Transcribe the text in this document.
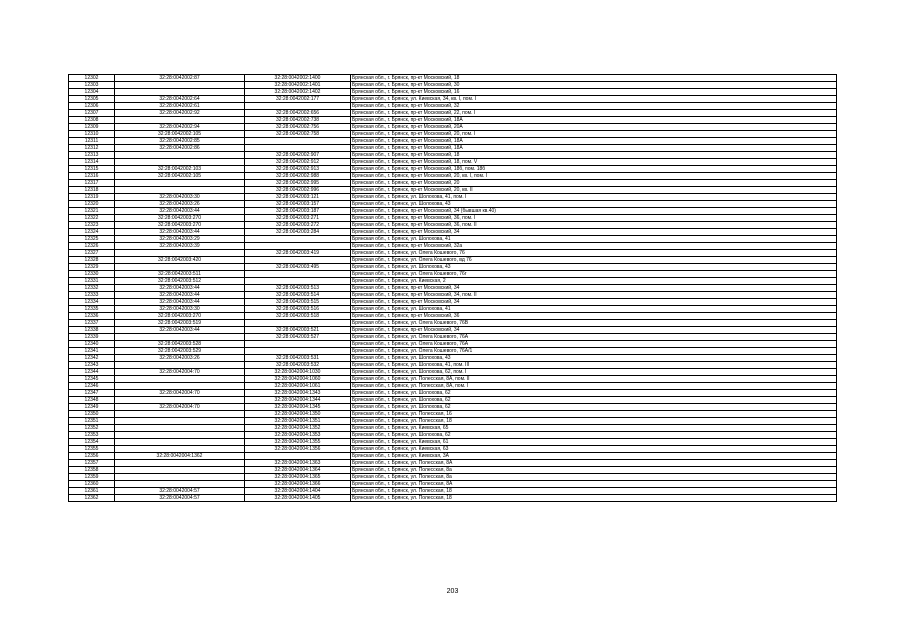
12302	32:28:0042002:87	32:28:0042002:1400	Брянская обл., г. Брянск, пр-кт Московский, 18
12303		32:28:0042002:1401	Брянская обл., г. Брянск, пр-кт Московский, 30
12304		32:28:0042002:1402	Брянская обл., г. Брянск, пр-кт Московский, 16
12305	32:28:0042002:64	32:28:0042002:177	Брянская обл., г. Брянск, ул. Киевская, 34, кв. I, пом. I
12306	32:28:0042002:61		Брянская обл., г. Брянск, пр-кт Московский, 32
12307	32:28:0042002:92	32:28:0042002:656	Брянская обл., г. Брянск, пр-кт Московский, 22, пом. I
12308		32:28:0042002:738	Брянская обл., г. Брянск, пр-кт Московский, 18А
12309	32:28:0042002:94	32:28:0042002:756	Брянская обл., г. Брянск, пр-кт Московский, 20А
12310	32:28:0042002:105	32:28:0042002:758	Брянская обл., г. Брянск, пр-кт Московский, 20, пом. I
12311	32:28:0042002:85		Брянская обл., г. Брянск, пр-кт Московский, 18А
12312	32:28:0042002:86		Брянская обл., г. Брянск, пр-кт Московский, 18А
12313		32:28:0042002:907	Брянская обл., г. Брянск, пр-кт Московский, 18
12314		32:28:0042002:912	Брянская обл., г. Брянск, пр-кт Московский, 18, пом. V
12315	32:28:0042002:103	32:28:0042002:913	Брянская обл., г. Брянск, пр-кт Московский, 18б, пом. 18б
12316	32:28:0042002:105	32:28:0042002:988	Брянская обл., г. Брянск, пр-кт Московский, 20, кв. I, пом. I
12317		32:28:0042002:995	Брянская обл., г. Брянск, пр-кт Московский, 20
12318		32:28:0042002:996	Брянская обл., г. Брянск, пр-кт Московский, 20, кв. II
12319	32:28:0042003:30	32:28:0042003:121	Брянская обл., г. Брянск, ул. Шолохова, 41, пом. I
12320	32:28:0042003:26	32:28:0042003:157	Брянская обл., г. Брянск, ул. Шолохова, 43
12321	32:28:0042003:44	32:28:0042003:187	Брянская обл., г. Брянск, пр-кт Московский, 34 (бывшая кв.40)
12322	32:28:0042003:270	32:28:0042003:271	Брянская обл., г. Брянск, пр-кт Московский, 36, пом. I
12323	32:28:0042003:270	32:28:0042003:272	Брянская обл., г. Брянск, пр-кт Московский, 36, пом. II
12324	32:28:0042003:44	32:28:0042003:284	Брянская обл., г. Брянск, пр-кт Московский, 34
12325	32:28:0042003:29		Брянская обл., г. Брянск, ул. Шолохова, 41
12326	32:28:0042003:39		Брянская обл., г. Брянск, пр-кт Московский, 32а
12327		32:28:0042003:419	Брянская обл., г. Брянск, ул. Олега Кошевого, 76
12328	32:28:0042003:420		Брянская обл., г. Брянск, ул. Олега Кошевого, вд 76
12329		32:28:0042003:495	Брянская обл., г. Брянск, ул. Шолохова, 43
12330	32:28:0042003:511		Брянская обл., г. Брянск, ул. Олега Кошевого, 76г
12331	32:28:0042003:512		Брянская обл., г. Брянск, ул. Киевская, 2
12332	32:28:0042003:44	32:28:0042003:513	Брянская обл., г. Брянск, пр-кт Московский, 34
12333	32:28:0042003:44	32:28:0042003:514	Брянская обл., г. Брянск, пр-кт Московский, 34, пом. II
12334	32:28:0042003:44	32:28:0042003:515	Брянская обл., г. Брянск, пр-кт Московский, 34
12335	32:28:0042003:30	32:28:0042003:516	Брянская обл., г. Брянск, ул. Шолохова, 41
12336	32:28:0042003:270	32:28:0042003:518	Брянская обл., г. Брянск, пр-кт Московский, 36
12337	32:28:0042003:519		Брянская обл., г. Брянск, ул. Олега Кошевого, 76В
12338	32:28:0042003:44	32:28:0042003:521	Брянская обл., г. Брянск, пр-кт Московский, 34
12339		32:28:0042003:527	Брянская обл., г. Брянск, ул. Олега Кошевого, 76А
12340	32:28:0042003:528		Брянская обл., г. Брянск, ул. Олега Кошевого, 76А
12341	32:28:0042003:529		Брянская обл., г. Брянск, ул. Олега Кошевого, 76А/1
12342	32:28:0042003:26	32:28:0042003:531	Брянская обл., г. Брянск, ул. Шолохова, 43
12343		32:28:0042003:532	Брянская обл., г. Брянск, ул. Шолохова, 41, пом. III
12344	32:28:0042004:70	32:28:0042004:1030	Брянская обл., г. Брянск, ул. Шолохова, 62, пом. I
12345		32:28:0042004:1060	Брянская обл., г. Брянск, ул. Полесская, 8А, пом. II
12346		32:28:0042004:1061	Брянская обл., г. Брянск, ул. Полесская, 8А, пом. I
12347	32:28:0042004:70	32:28:0042004:1343	Брянская обл., г. Брянск, ул. Шолохова, 62
12348		32:28:0042004:1344	Брянская обл., г. Брянск, ул. Шолохова, 62
12349	32:28:0042004:70	32:28:0042004:1345	Брянская обл., г. Брянск, ул. Шолохова, 62
12350		32:28:0042004:1350	Брянская обл., г. Брянск, ул. Полесская, 16
12351		32:28:0042004:1351	Брянская обл., г. Брянск, ул. Полесская, 18
12352		32:28:0042004:1352	Брянская обл., г. Брянск, ул. Киевская, 65
12353		32:28:0042004:1353	Брянская обл., г. Брянск, ул. Шолохова, 62
12354		32:28:0042004:1355	Брянская обл., г. Брянск, ул. Киевская, 61
12355		32:28:0042004:1356	Брянская обл., г. Брянск, ул. Киевская, 63
12356	32:28:0042004:1362		Брянская обл., г. Брянск, ул. Киевская, 3А
12357		32:28:0042004:1363	Брянская обл., г. Брянск, ул. Полесская, 8А
12358		32:28:0042004:1364	Брянская обл., г. Брянск, ул. Полесская, 8а
12359		32:28:0042004:1365	Брянская обл., г. Брянск, ул. Полесская, 8а
12360		32:28:0042004:1366	Брянская обл., г. Брянск, ул. Полесская, 8А
12361	32:28:0042004:57	32:28:0042004:1404	Брянская обл., г. Брянск, ул. Полесская, 18
12362	32:28:0042004:57	32:28:0042004:1405	Брянская обл., г. Брянск, ул. Полесская, 18
203
